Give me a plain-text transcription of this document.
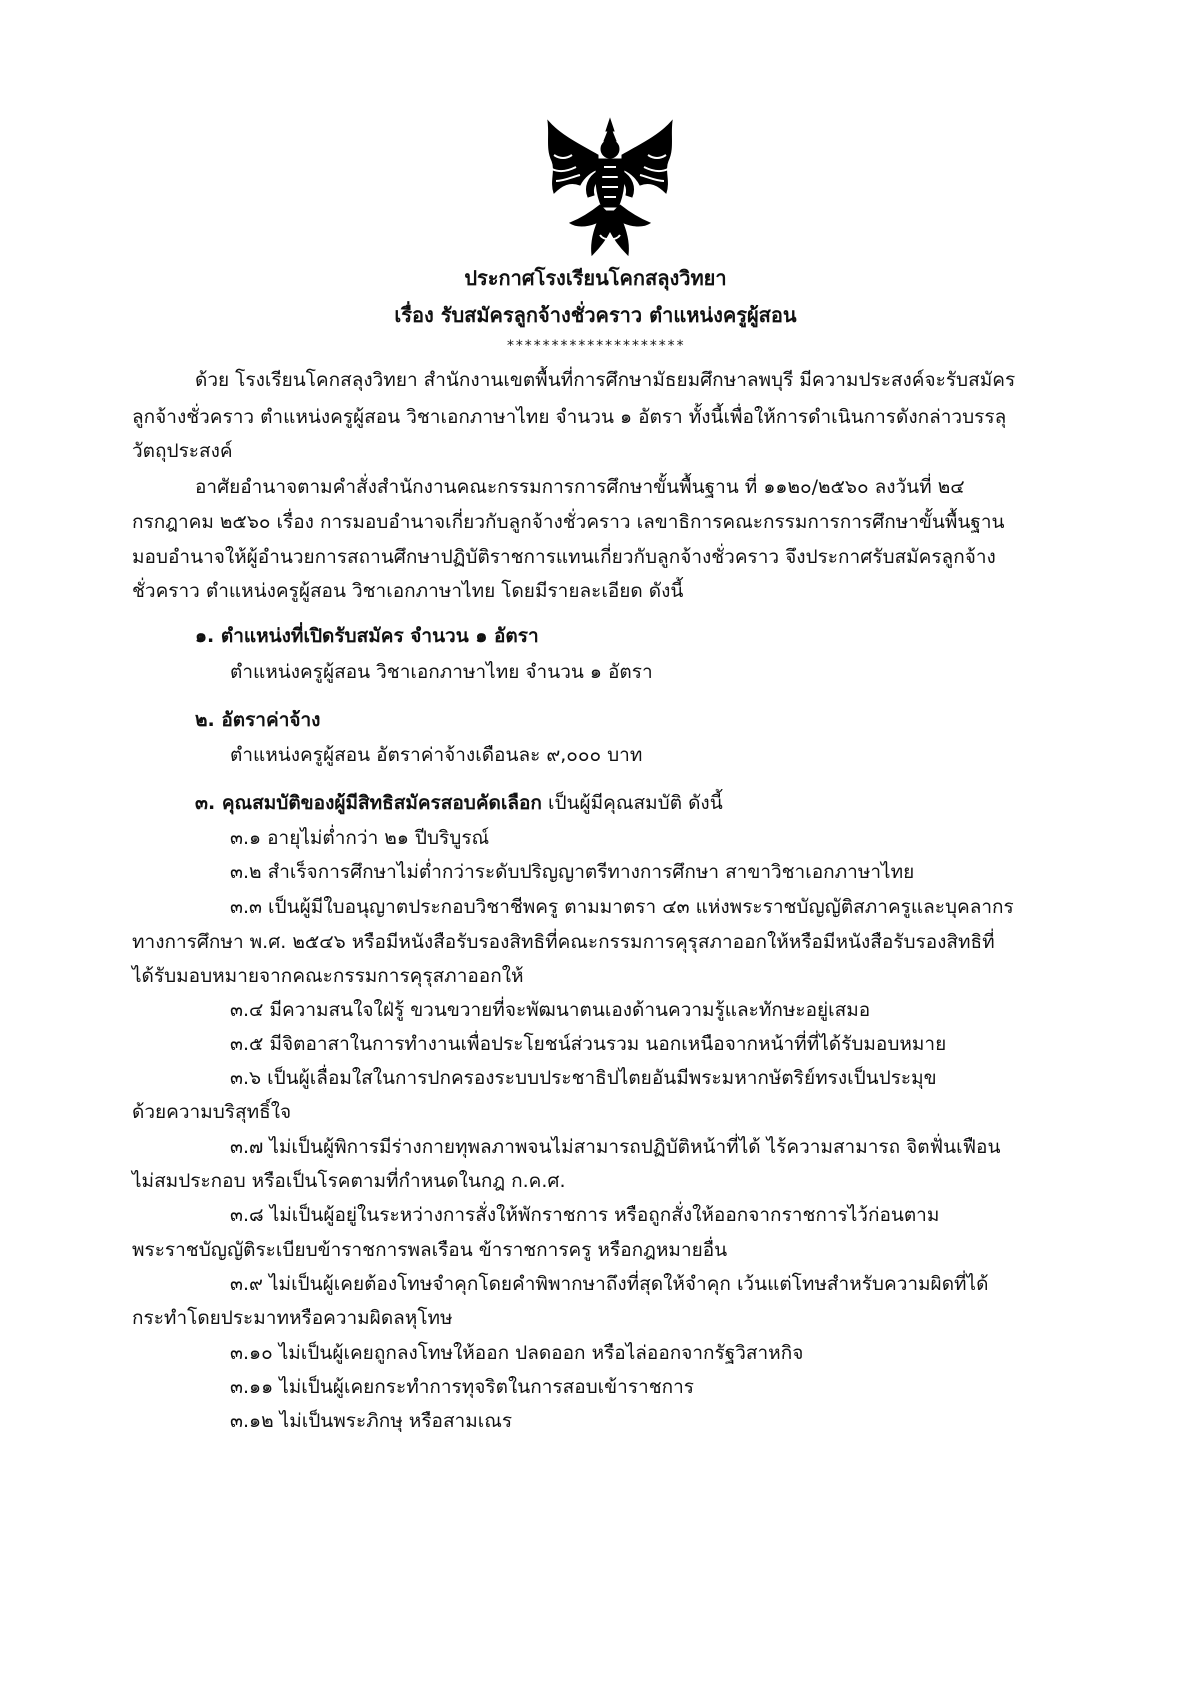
ประกาศโรงเรียนโคกสลุงวิทยา
เรื่อง รับสมัครลูกจ้างชั่วคราว ตำแหน่งครูผู้สอน
********************

ด้วย โรงเรียนโคกสลุงวิทยา สำนักงานเขตพื้นที่การศึกษามัธยมศึกษาลพบุรี มีความประสงค์จะรับสมัคร

ลูกจ้างชั่วคราว ตำแหน่งครูผู้สอน วิชาเอกภาษาไทย จำนวน ๑ อัตรา ทั้งนี้เพื่อให้การดำเนินการดังกล่าวบรรลุ

วัตถุประสงค์

อาศัยอำนาจตามคำสั่งสำนักงานคณะกรรมการการศึกษาขั้นพื้นฐาน ที่ ๑๑๒๐/๒๕๖๐ ลงวันที่ ๒๔

กรกฎาคม ๒๕๖๐ เรื่อง การมอบอำนาจเกี่ยวกับลูกจ้างชั่วคราว เลขาธิการคณะกรรมการการศึกษาขั้นพื้นฐาน

มอบอำนาจให้ผู้อำนวยการสถานศึกษาปฏิบัติราชการแทนเกี่ยวกับลูกจ้างชั่วคราว จึงประกาศรับสมัครลูกจ้าง

ชั่วคราว ตำแหน่งครูผู้สอน วิชาเอกภาษาไทย โดยมีรายละเอียด ดังนี้

๑. ตำแหน่งที่เปิดรับสมัคร จำนวน ๑ อัตรา

ตำแหน่งครูผู้สอน วิชาเอกภาษาไทย จำนวน ๑ อัตรา

๒. อัตราค่าจ้าง

ตำแหน่งครูผู้สอน อัตราค่าจ้างเดือนละ ๙,๐๐๐ บาท

๓. คุณสมบัติของผู้มีสิทธิสมัครสอบคัดเลือก เป็นผู้มีคุณสมบัติ ดังนี้

๓.๑ อายุไม่ต่ำกว่า ๒๑ ปีบริบูรณ์

๓.๒ สำเร็จการศึกษาไม่ต่ำกว่าระดับปริญญาตรีทางการศึกษา สาขาวิชาเอกภาษาไทย

๓.๓ เป็นผู้มีใบอนุญาตประกอบวิชาชีพครู ตามมาตรา ๔๓ แห่งพระราชบัญญัติสภาครูและบุคลากร

ทางการศึกษา พ.ศ. ๒๕๔๖ หรือมีหนังสือรับรองสิทธิที่คณะกรรมการคุรุสภาออกให้หรือมีหนังสือรับรองสิทธิที่

ได้รับมอบหมายจากคณะกรรมการคุรุสภาออกให้

๓.๔ มีความสนใจใฝ่รู้ ขวนขวายที่จะพัฒนาตนเองด้านความรู้และทักษะอยู่เสมอ

๓.๕ มีจิตอาสาในการทำงานเพื่อประโยชน์ส่วนรวม นอกเหนือจากหน้าที่ที่ได้รับมอบหมาย

๓.๖ เป็นผู้เลื่อมใสในการปกครองระบบประชาธิปไตยอันมีพระมหากษัตริย์ทรงเป็นประมุข

ด้วยความบริสุทธิ์ใจ

๓.๗ ไม่เป็นผู้พิการมีร่างกายทุพลภาพจนไม่สามารถปฏิบัติหน้าที่ได้ ไร้ความสามารถ จิตฟั่นเฟือน

ไม่สมประกอบ หรือเป็นโรคตามที่กำหนดในกฎ ก.ค.ศ.

๓.๘ ไม่เป็นผู้อยู่ในระหว่างการสั่งให้พักราชการ หรือถูกสั่งให้ออกจากราชการไว้ก่อนตาม

พระราชบัญญัติระเบียบข้าราชการพลเรือน ข้าราชการครู หรือกฎหมายอื่น

๓.๙ ไม่เป็นผู้เคยต้องโทษจำคุกโดยคำพิพากษาถึงที่สุดให้จำคุก เว้นแต่โทษสำหรับความผิดที่ได้

กระทำโดยประมาทหรือความผิดลหุโทษ

๓.๑๐ ไม่เป็นผู้เคยถูกลงโทษให้ออก ปลดออก หรือไล่ออกจากรัฐวิสาหกิจ

๓.๑๑ ไม่เป็นผู้เคยกระทำการทุจริตในการสอบเข้าราชการ

๓.๑๒ ไม่เป็นพระภิกษุ หรือสามเณร
